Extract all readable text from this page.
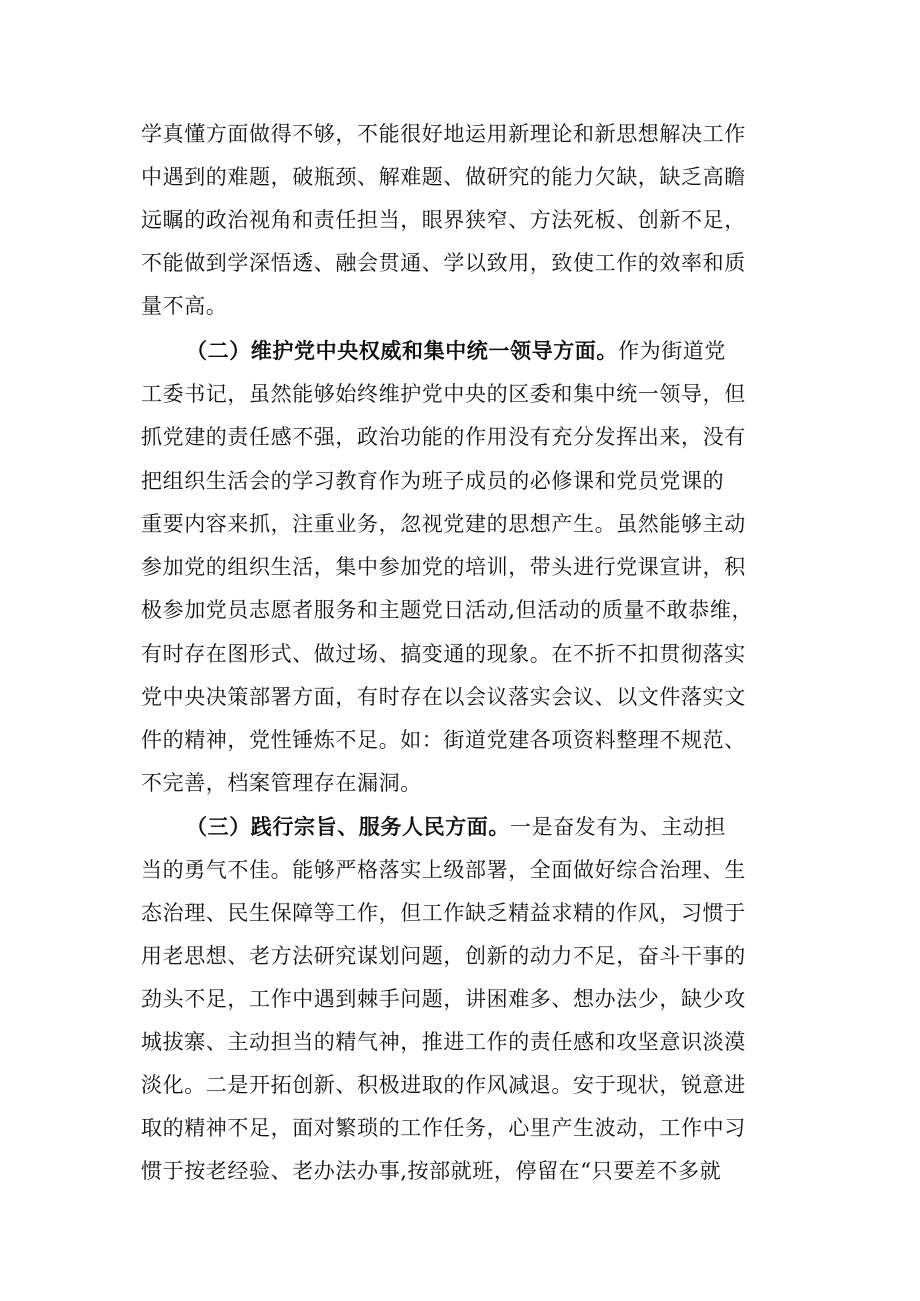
学真懂方面做得不够，不能很好地运用新理论和新思想解决工作
中遇到的难题，破瓶颈、解难题、做研究的能力欠缺，缺乏高瞻
远瞩的政治视角和责任担当，眼界狭窄、方法死板、创新不足，
不能做到学深悟透、融会贯通、学以致用，致使工作的效率和质
量不高。
（二）维护党中央权威和集中统一领导方面。作为街道党
工委书记，虽然能够始终维护党中央的区委和集中统一领导，但
抓党建的责任感不强，政治功能的作用没有充分发挥出来，没有
把组织生活会的学习教育作为班子成员的必修课和党员党课的
重要内容来抓，注重业务，忽视党建的思想产生。虽然能够主动
参加党的组织生活，集中参加党的培训，带头进行党课宣讲，积
极参加党员志愿者服务和主题党日活动,但活动的质量不敢恭维，
有时存在图形式、做过场、搞变通的现象。在不折不扣贯彻落实
党中央决策部署方面，有时存在以会议落实会议、以文件落实文
件的精神，党性锤炼不足。如：街道党建各项资料整理不规范、
不完善，档案管理存在漏洞。
（三）践行宗旨、服务人民方面。一是奋发有为、主动担
当的勇气不佳。能够严格落实上级部署，全面做好综合治理、生
态治理、民生保障等工作，但工作缺乏精益求精的作风，习惯于
用老思想、老方法研究谋划问题，创新的动力不足，奋斗干事的
劲头不足，工作中遇到棘手问题，讲困难多、想办法少，缺少攻
城拔寨、主动担当的精气神，推进工作的责任感和攻坚意识淡漠
淡化。二是开拓创新、积极进取的作风减退。安于现状，锐意进
取的精神不足，面对繁琐的工作任务，心里产生波动，工作中习
惯于按老经验、老办法办事,按部就班，停留在“只要差不多就
